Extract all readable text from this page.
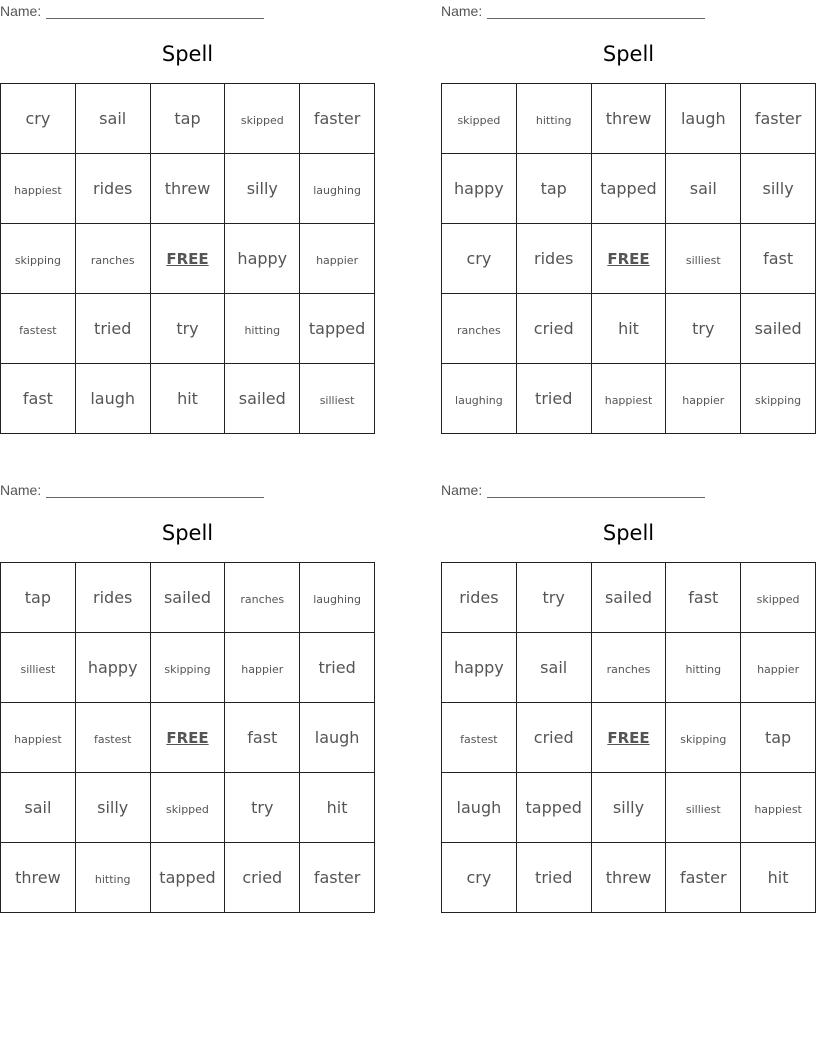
Name:
Spell
cry	sail	tap	skipped	faster
happiest	rides	threw	silly	laughing
skipping	ranches	FREE	happy	happier
fastest	tried	try	hitting	tapped
fast	laugh	hit	sailed	silliest
Name:
Spell
skipped	hitting	threw	laugh	faster
happy	tap	tapped	sail	silly
cry	rides	FREE	silliest	fast
ranches	cried	hit	try	sailed
laughing	tried	happiest	happier	skipping
Name:
Spell
tap	rides	sailed	ranches	laughing
silliest	happy	skipping	happier	tried
happiest	fastest	FREE	fast	laugh
sail	silly	skipped	try	hit
threw	hitting	tapped	cried	faster
Name:
Spell
rides	try	sailed	fast	skipped
happy	sail	ranches	hitting	happier
fastest	cried	FREE	skipping	tap
laugh	tapped	silly	silliest	happiest
cry	tried	threw	faster	hit
